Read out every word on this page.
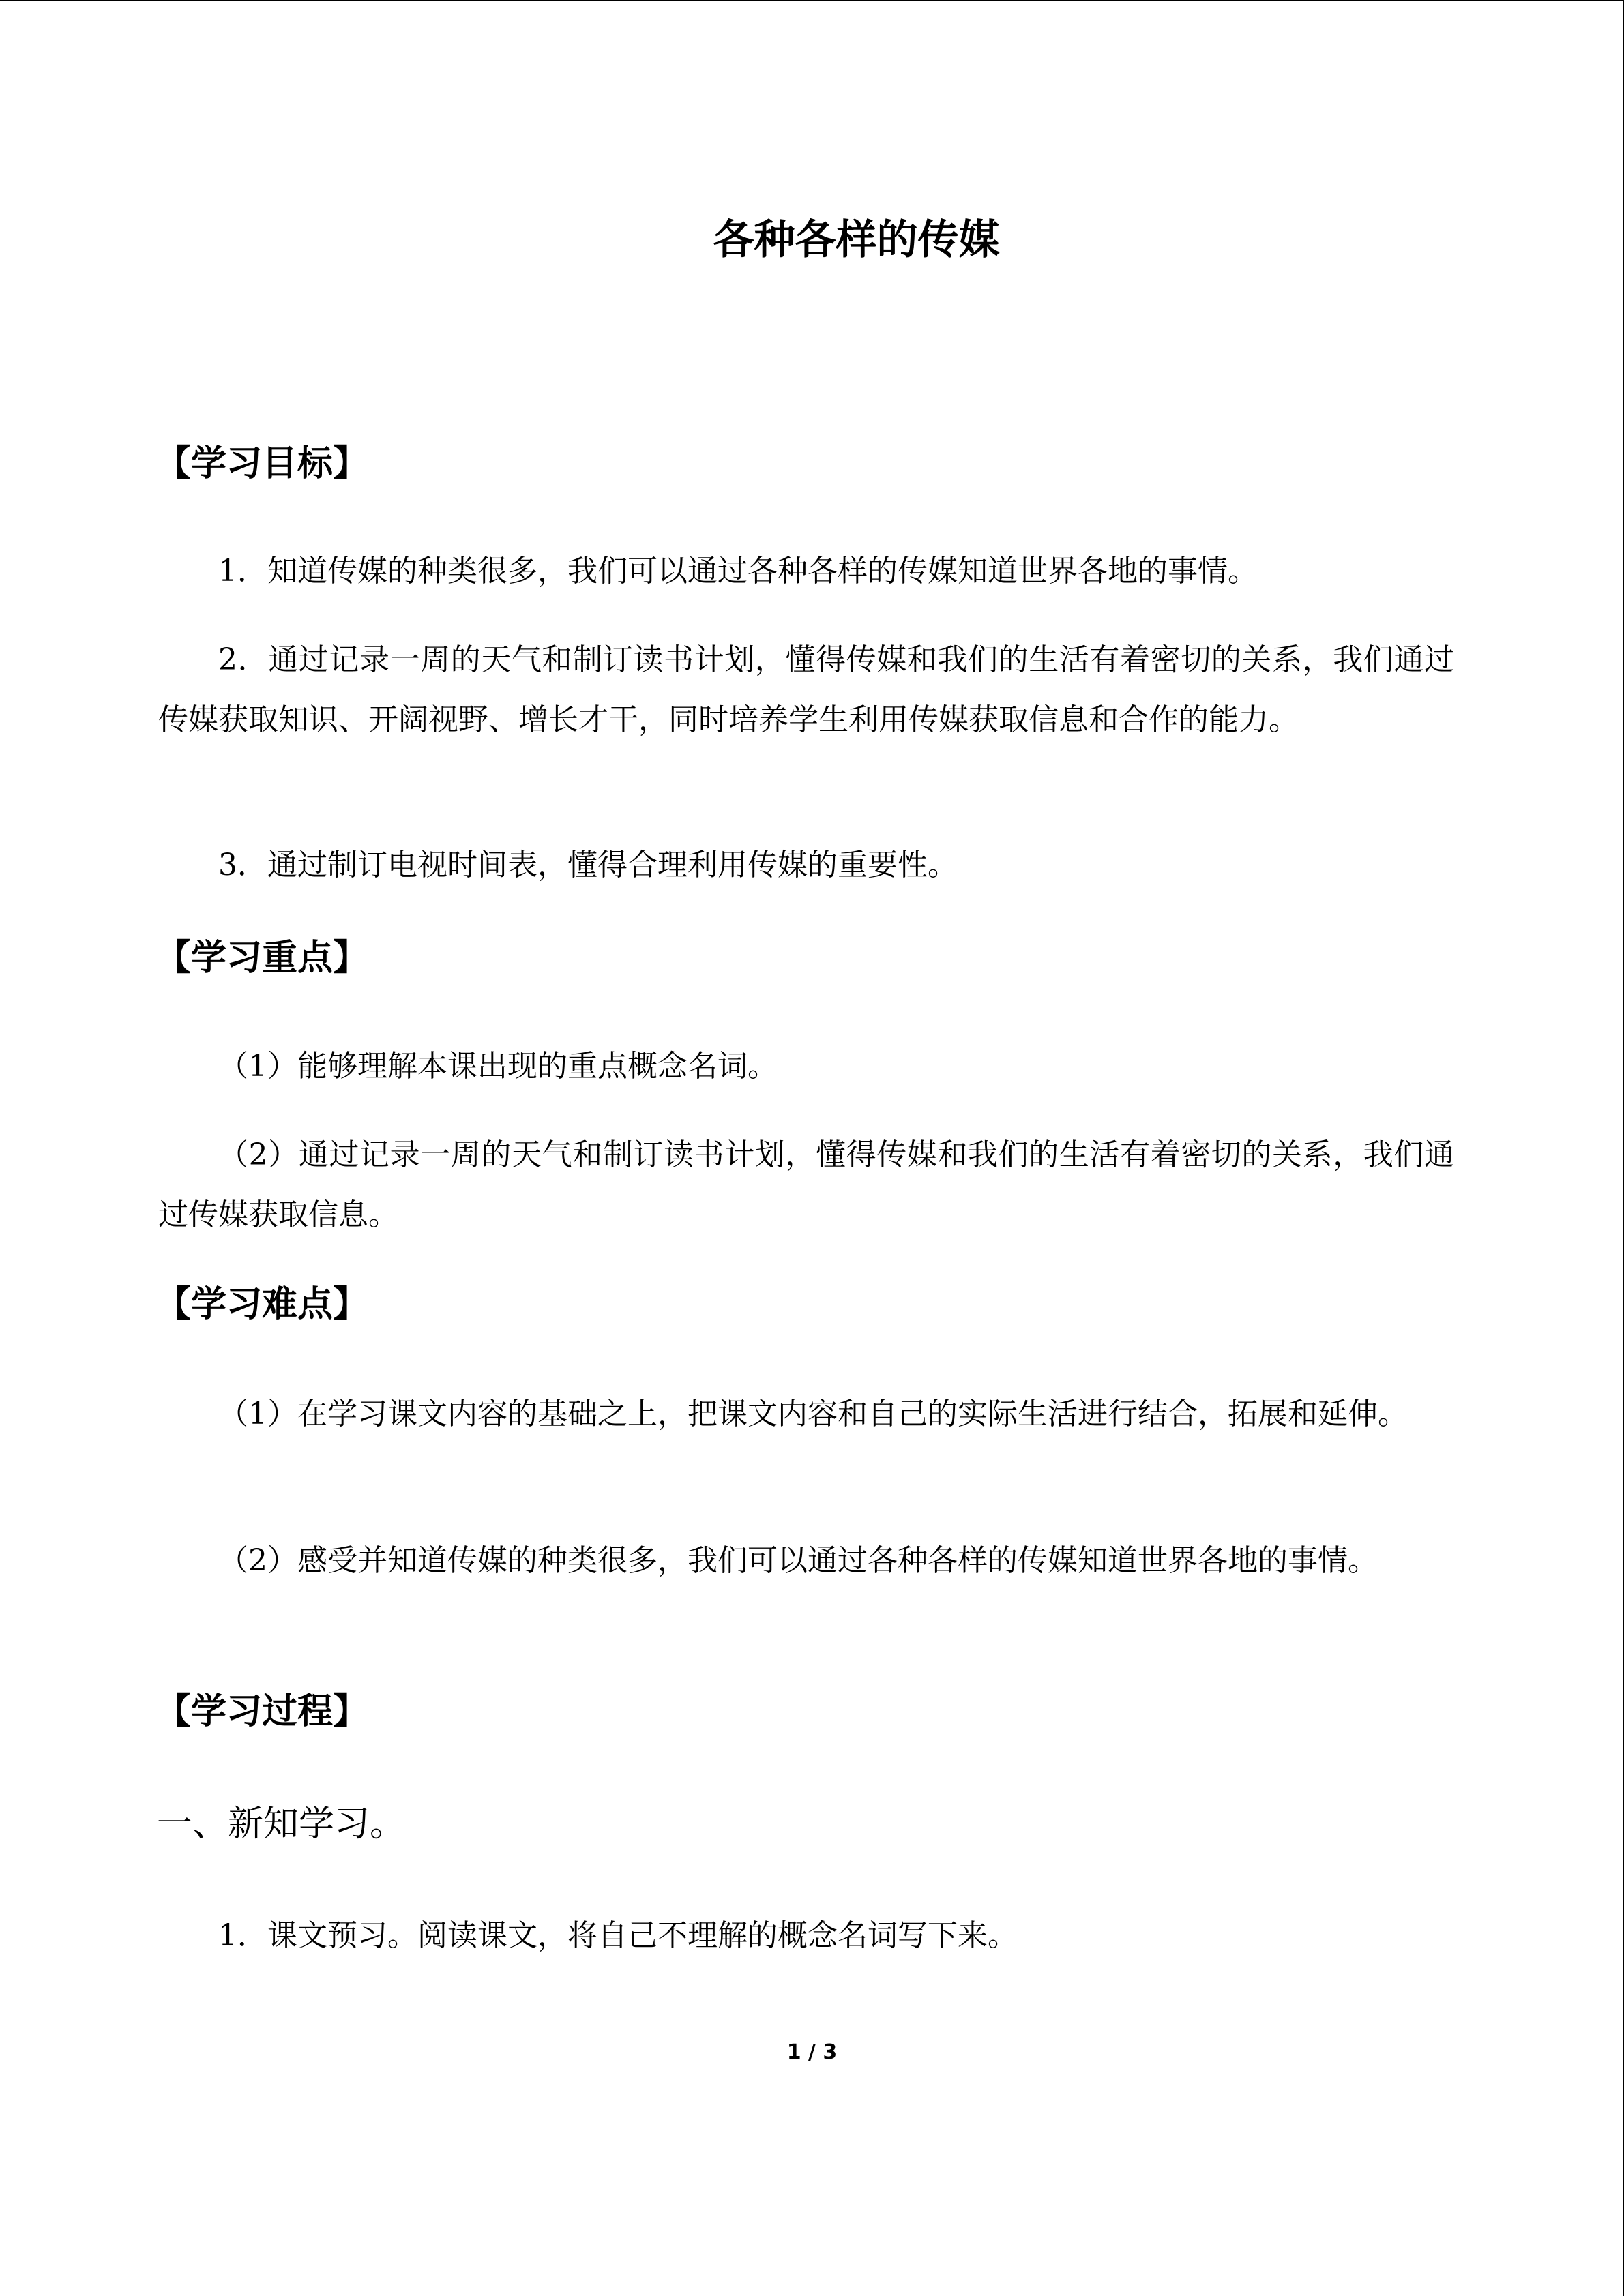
各种各样的传媒
【学习目标】
1．知道传媒的种类很多，我们可以通过各种各样的传媒知道世界各地的事情。
2．通过记录一周的天气和制订读书计划，懂得传媒和我们的生活有着密切的关系，我们通过传媒获取知识、开阔视野、增长才干，同时培养学生利用传媒获取信息和合作的能力。
3．通过制订电视时间表，懂得合理利用传媒的重要性。
【学习重点】
（1）能够理解本课出现的重点概念名词。
（2）通过记录一周的天气和制订读书计划，懂得传媒和我们的生活有着密切的关系，我们通过传媒获取信息。
【学习难点】
（1）在学习课文内容的基础之上，把课文内容和自己的实际生活进行结合，拓展和延伸。
（2）感受并知道传媒的种类很多，我们可以通过各种各样的传媒知道世界各地的事情。
【学习过程】
一、新知学习。
1．课文预习。阅读课文，将自己不理解的概念名词写下来。
1 / 3
